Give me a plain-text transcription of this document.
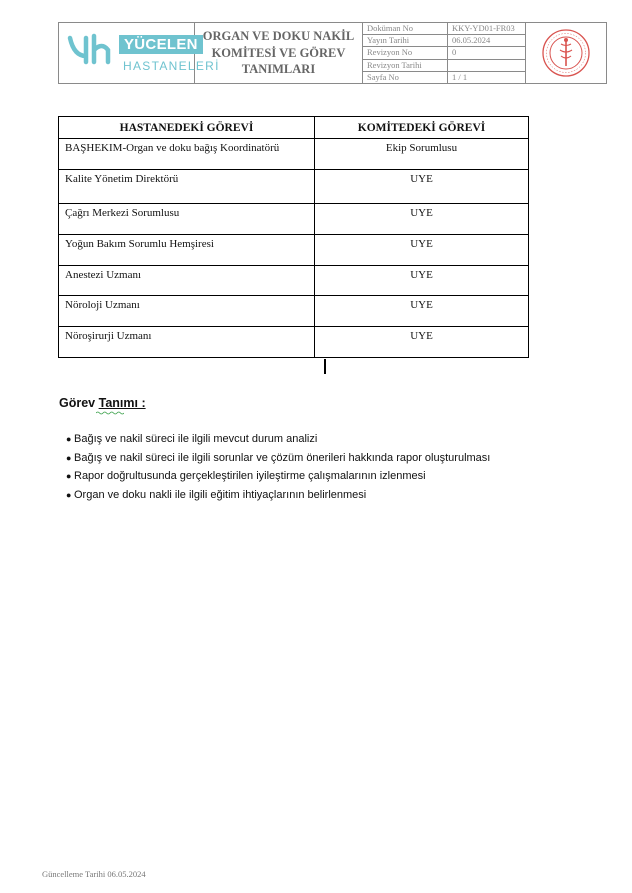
YÜCELEN
HASTANELERİ
ORGAN VE DOKU NAKİL
KOMİTESİ VE GÖREV
TANIMLARI
Doküman No	KKY-YD01-FR03
Yayın Tarihi	06.05.2024
Revizyon No	0
Revizyon Tarihi
Sayfa No	1 / 1
HASTANEDEKİ GÖREVİ	KOMİTEDEKİ GÖREVİ
BAŞHEKIM-Organ ve doku bağış Koordinatörü	Ekip Sorumlusu
Kalite Yönetim Direktörü	UYE
Çağrı Merkezi Sorumlusu	UYE
Yoğun Bakım Sorumlu Hemşiresi	UYE
Anestezi Uzmanı	UYE
Nöroloji Uzmanı	UYE
Nöroşirurji Uzmanı	UYE
Görev Tanımı :
● Bağış ve nakil süreci ile ilgili mevcut durum analizi
● Bağış ve nakil süreci ile ilgili sorunlar ve çözüm önerileri hakkında rapor oluşturulması
● Rapor doğrultusunda gerçekleştirilen iyileştirme çalışmalarının izlenmesi
● Organ ve doku nakli ile ilgili eğitim ihtiyaçlarının belirlenmesi
Güncelleme Tarihi 06.05.2024
